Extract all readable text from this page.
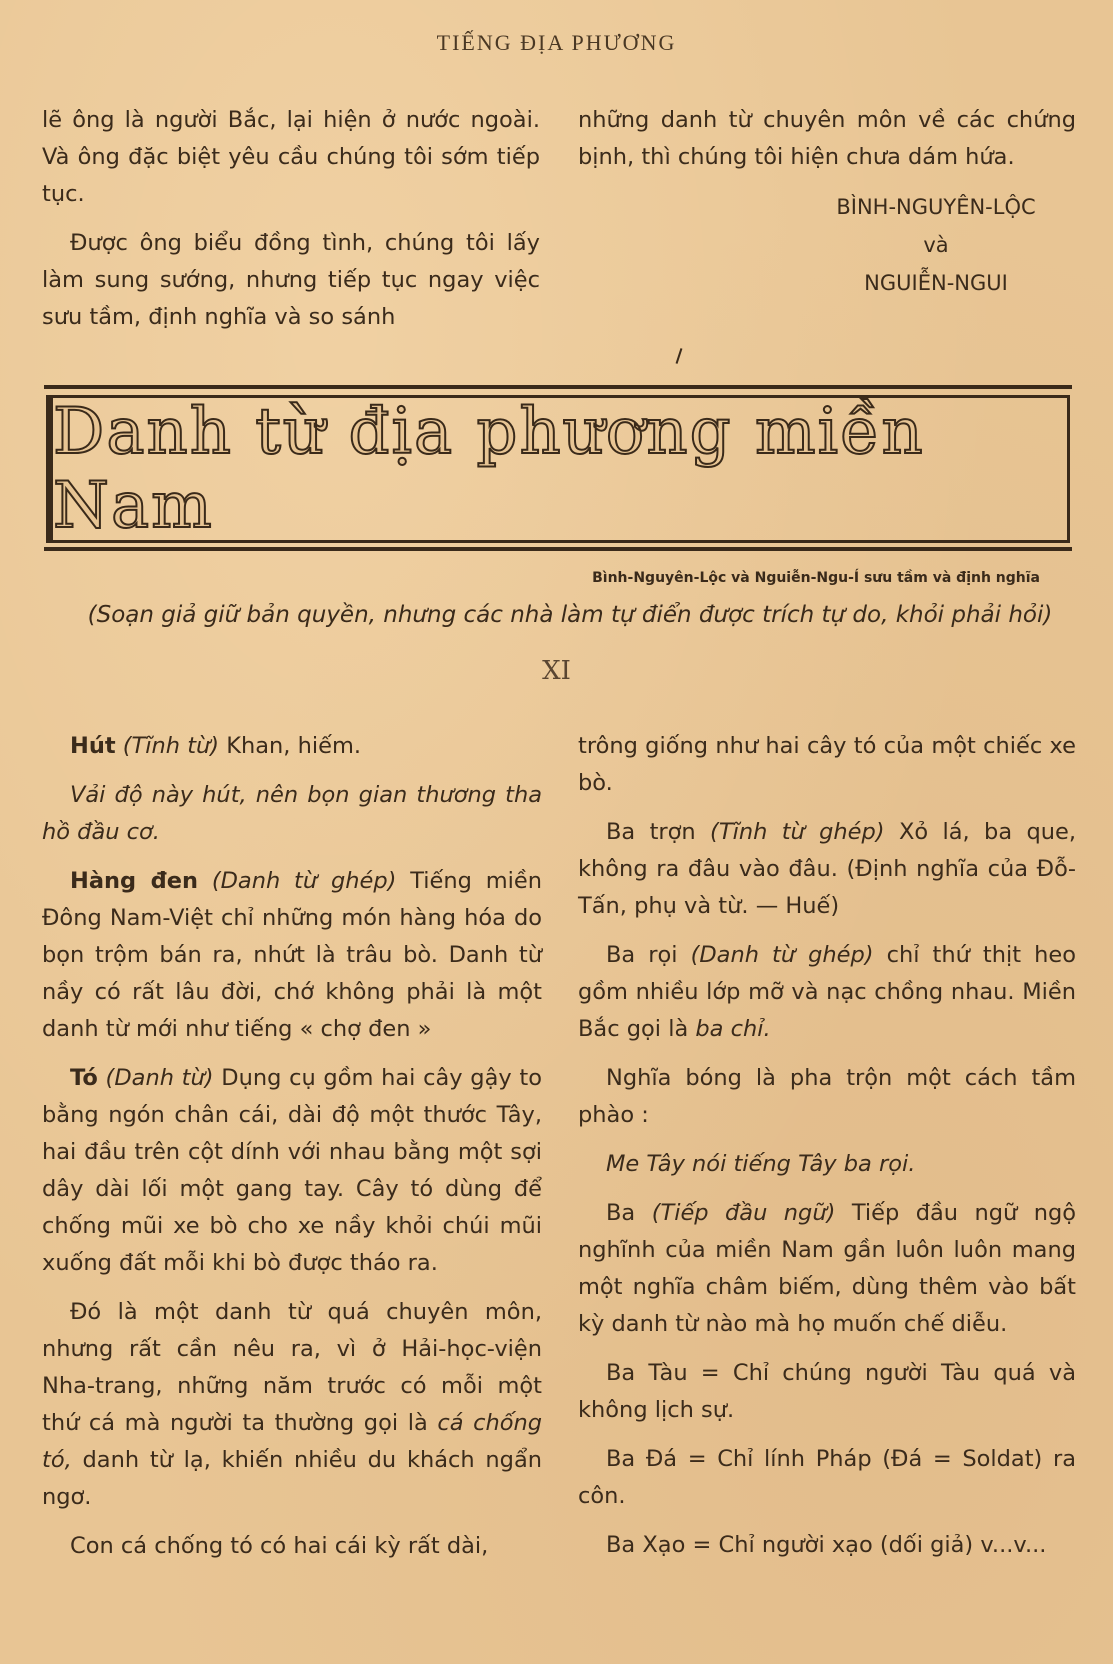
TIẾNG ĐỊA PHƯƠNG

lẽ ông là người Bắc, lại hiện ở nước ngoài. Và ông đặc biệt yêu cầu chúng tôi sớm tiếp tục.

Được ông biểu đồng tình, chúng tôi lấy làm sung sướng, nhưng tiếp tục ngay việc sưu tầm, định nghĩa và so sánh

những danh từ chuyên môn về các chứng bịnh, thì chúng tôi hiện chưa dám hứa.

BÌNH-NGUYÊN-LỘC
và
NGUIỄN-NGUI
Danh từ địa phương miền Nam
Bình-Nguyên-Lộc và Nguiễn-Ngu-Í sưu tầm và định nghĩa
(Soạn giả giữ bản quyền, nhưng các nhà làm tự điển được trích tự do, khỏi phải hỏi)
XI

Hút (Tĩnh từ) Khan, hiếm.

Vải độ này hút, nên bọn gian thương tha hồ đầu cơ.

Hàng đen (Danh từ ghép) Tiếng miền Đông Nam-Việt chỉ những món hàng hóa do bọn trộm bán ra, nhứt là trâu bò. Danh từ nầy có rất lâu đời, chớ không phải là một danh từ mới như tiếng « chợ đen »

Tó (Danh từ) Dụng cụ gồm hai cây gậy to bằng ngón chân cái, dài độ một thước Tây, hai đầu trên cột dính với nhau bằng một sợi dây dài lối một gang tay. Cây tó dùng để chống mũi xe bò cho xe nầy khỏi chúi mũi xuống đất mỗi khi bò được tháo ra.

Đó là một danh từ quá chuyên môn, nhưng rất cần nêu ra, vì ở Hải-học-viện Nha-trang, những năm trước có mỗi một thứ cá mà người ta thường gọi là cá chống tó, danh từ lạ, khiến nhiều du khách ngẩn ngơ.

Con cá chống tó có hai cái kỳ rất dài,

trông giống như hai cây tó của một chiếc xe bò.

Ba trợn (Tĩnh từ ghép) Xỏ lá, ba que, không ra đâu vào đâu. (Định nghĩa của Đỗ-Tấn, phụ và từ. — Huế)

Ba rọi (Danh từ ghép) chỉ thứ thịt heo gồm nhiều lớp mỡ và nạc chồng nhau. Miền Bắc gọi là ba chỉ.

Nghĩa bóng là pha trộn một cách tầm phào :

Me Tây nói tiếng Tây ba rọi.

Ba (Tiếp đầu ngữ) Tiếp đầu ngữ ngộ nghĩnh của miền Nam gần luôn luôn mang một nghĩa châm biếm, dùng thêm vào bất kỳ danh từ nào mà họ muốn chế diễu.

Ba Tàu = Chỉ chúng người Tàu quá và không lịch sự.

Ba Đá = Chỉ lính Pháp (Đá = Soldat) ra côn.

Ba Xạo = Chỉ người xạo (dối giả) v...v...
